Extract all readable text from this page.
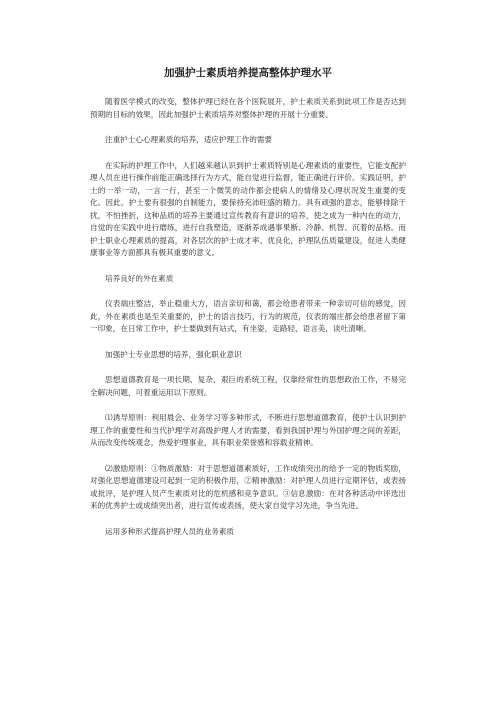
加强护士素质培养提高整体护理水平

随着医学模式的改变，整体护理已经在各个医院展开，护士素质关系到此项工作是否达到预期的目标的效果，因此加强护士素质培养对整体护理的开展十分重要。

注重护士心心理素质的培养，适应护理工作的需要

在实际的护理工作中，人们越来越认识到护士素质特别是心理素质的重要性，它能支配护理人员在进行操作前能正确选择行为方式，能自觉进行监督，能正确进行评价。实践证明，护士的一举一动，一言一行，甚至一个微笑的动作都会使病人的情绪及心理状况发生重要的变化。因此，护士要有很强的自制能力，要保持充沛旺盛的精力。具有顽强的意志，能够排除干扰，不怕挫折，这种品质的培养主要通过宣传教育有意识的培养，使之成为一种内在的动力，自觉的在实践中进行磨练，进行自我塑造，逐渐养成遇事果断、冷静、机智、沉着的品格。而护士职业心理素质的提高，对各层次的护士成才率、优良化，护理队伍质量建设，促进人类健康事业等方面都具有极其重要的意义。

培养良好的外在素质

仪表端庄整洁，举止稳重大方，语言亲切和蔼，都会给患者带来一种亲切可信的感觉，因此，外在素质也是至关重要的，护士的语言技巧，行为的规范，仪表的端庄都会给患者留下第一印象，在日常工作中，护士要做到有站式，有坐姿，走路轻，语言美，谈吐清晰。

加强护士专业思想的培养，强化职业意识

思想道德教育是一项长期、复杂，艰巨的系统工程，仅靠经常性的思想政治工作，不易完全解决问题，可着重运用以下原则。

⑴诱导原则：利用晨会、业务学习等多种形式，不断进行思想道德教育，使护士认识到护理工作的重要性和当代护理学对高级护理人才的需要，看到我国护理与外国护理之间的差距，从而改变传统观念，热爱护理事业，具有职业荣誉感和容载业精神。

⑵激励原则：①物质激励：对于思想道德素质好，工作成绩突出的给予一定的物质奖励，对强化思想道德建设可起到一定的积极作用，②精神激励：对护理人员进行定期评估，或表扬或批评，是护理人员产生素质对比的危机感和竞争意识。③信息激励：在对各种活动中评选出来的优秀护士或成绩突出者，进行宣传或表扬，使大家自觉学习先进，争当先进。

运用多种形式提高护理人员的业务素质
